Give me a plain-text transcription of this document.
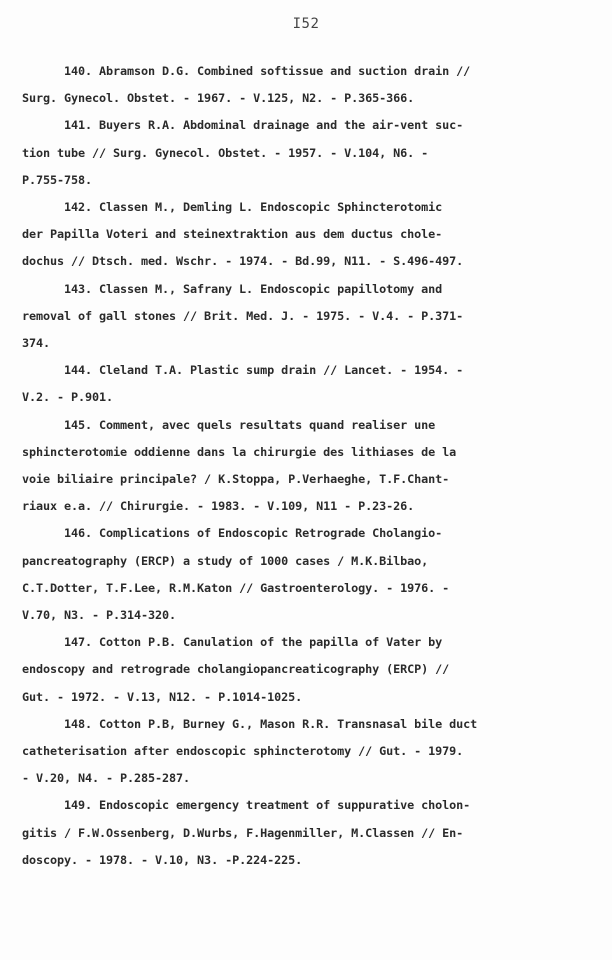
I52
140. Abramson D.G. Combined softissue and suction drain //
Surg. Gynecol. Obstet. - 1967. - V.125, N2. - P.365-366.
141. Buyers R.A. Abdominal drainage and the air-vent suc-
tion tube // Surg. Gynecol. Obstet. - 1957. - V.104, N6. -
P.755-758.
142. Classen M., Demling L. Endoscopic Sphincterotomic
der Papilla Voteri and steinextraktion aus dem ductus chole-
dochus // Dtsch. med. Wschr. - 1974. - Bd.99, N11. - S.496-497.
143. Classen M., Safrany L. Endoscopic papillotomy and
removal of gall stones // Brit. Med. J. - 1975. - V.4. - P.371-
374.
144. Cleland T.A. Plastic sump drain // Lancet. - 1954. -
V.2. - P.901.
145. Comment, avec quels resultats quand realiser une
sphincterotomie oddienne dans la chirurgie des lithiases de la
voie biliaire principale? / K.Stoppa, P.Verhaeghe, T.F.Chant-
riaux e.a. // Chirurgie. - 1983. - V.109, N11 - P.23-26.
146. Complications of Endoscopic Retrograde Cholangio-
pancreatography (ERCP) a study of 1000 cases / M.K.Bilbao,
C.T.Dotter, T.F.Lee, R.M.Katon // Gastroenterology. - 1976. -
V.70, N3. - P.314-320.
147. Cotton P.B. Canulation of the papilla of Vater by
endoscopy and retrograde cholangiopancreaticography (ERCP) //
Gut. - 1972. - V.13, N12. - P.1014-1025.
148. Cotton P.B, Burney G., Mason R.R. Transnasal bile duct
catheterisation after endoscopic sphincterotomy // Gut. - 1979.
- V.20, N4. - P.285-287.
149. Endoscopic emergency treatment of suppurative cholon-
gitis / F.W.Ossenberg, D.Wurbs, F.Hagenmiller, M.Classen // En-
doscopy. - 1978. - V.10, N3. -P.224-225.
